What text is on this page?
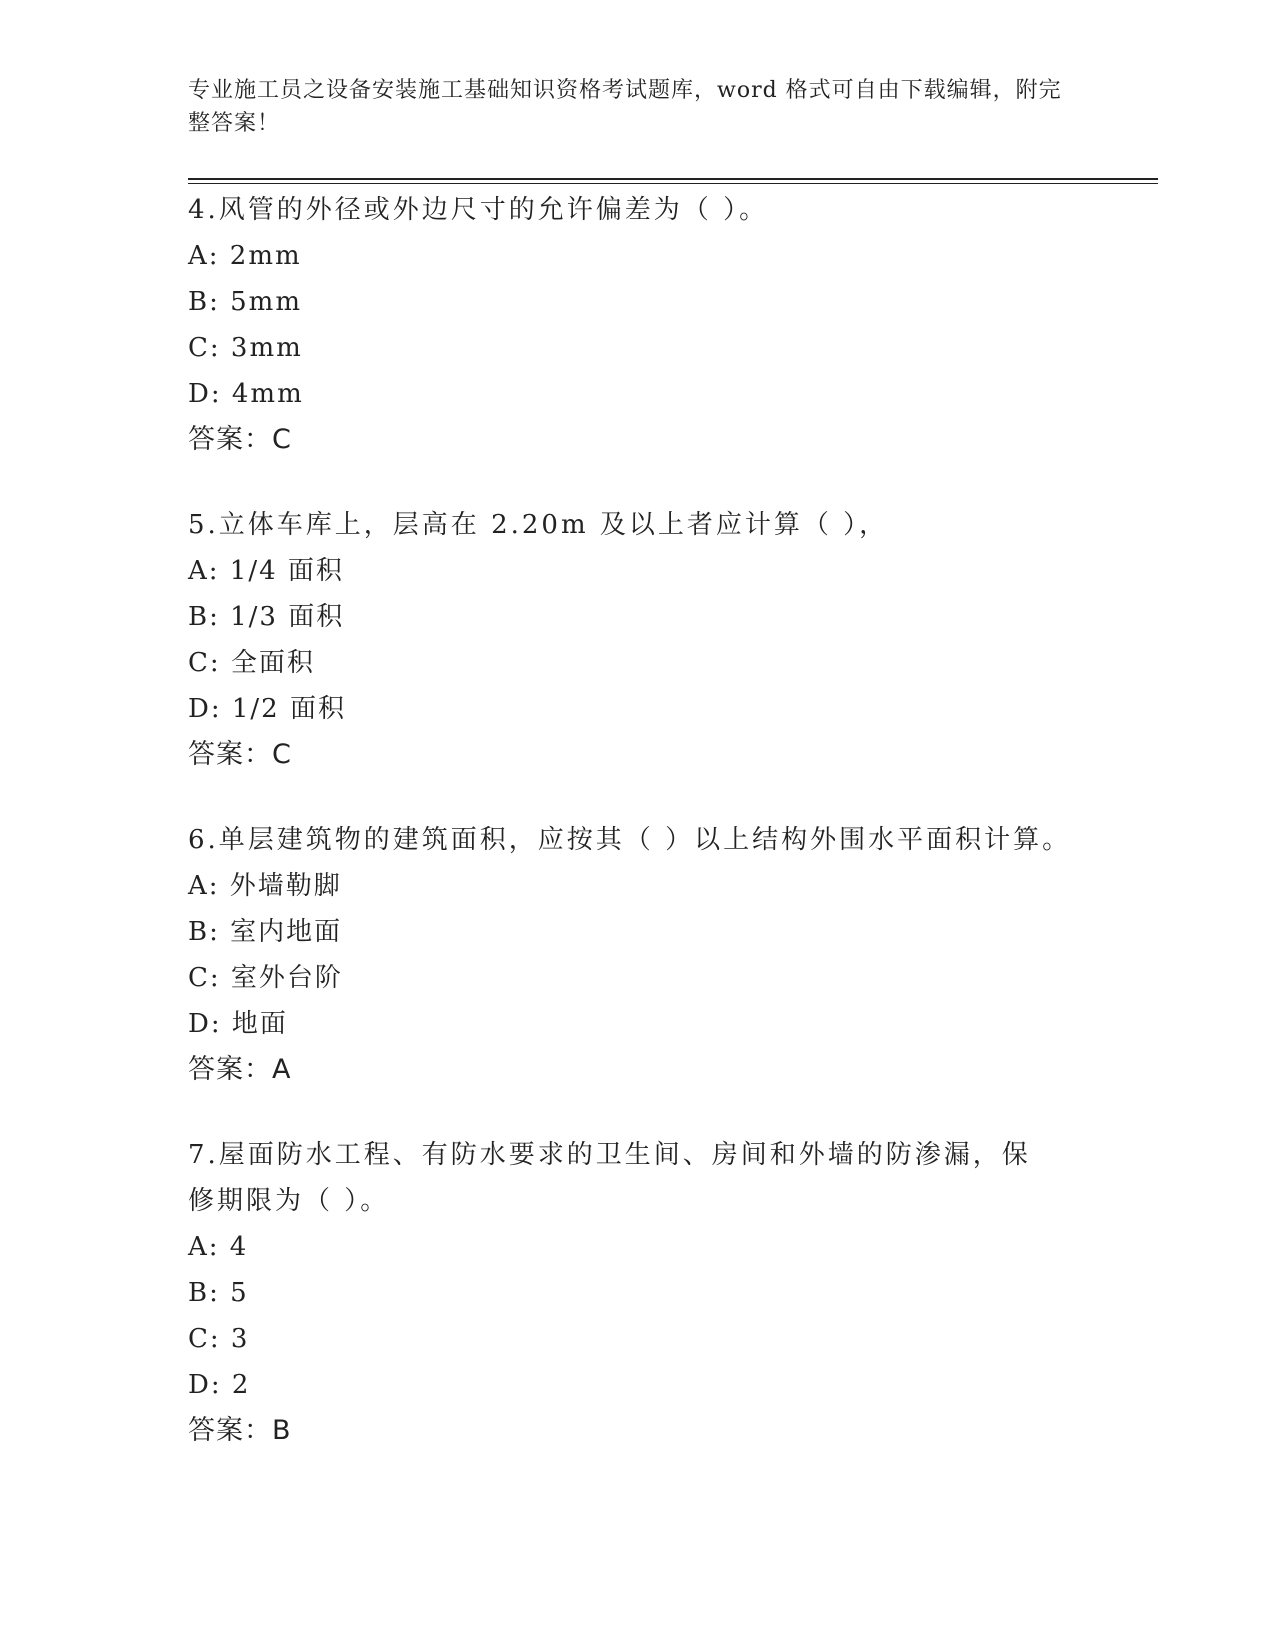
专业施工员之设备安装施工基础知识资格考试题库，word 格式可自由下载编辑，附完整答案！

4.风管的外径或外边尺寸的允许偏差为（ ）。

A: 2mm

B: 5mm

C: 3mm

D: 4mm

答案：C

5.立体车库上，层高在 2.20m 及以上者应计算（ ），

A: 1/4 面积

B: 1/3 面积

C: 全面积

D: 1/2 面积

答案：C

6.单层建筑物的建筑面积，应按其（ ）以上结构外围水平面积计算。

A: 外墙勒脚

B: 室内地面

C: 室外台阶

D: 地面

答案：A

7.屋面防水工程、有防水要求的卫生间、房间和外墙的防渗漏，保修期限为（ ）。

A: 4

B: 5

C: 3

D: 2

答案：B
